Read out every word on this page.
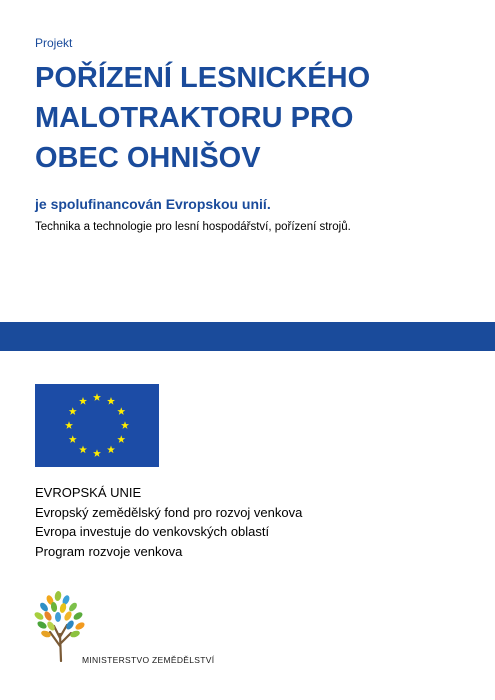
Projekt
POŘÍZENÍ LESNICKÉHO
MALOTRAKTORU PRO
OBEC OHNIŠOV
je spolufinancován Evropskou unií.
Technika a technologie pro lesní hospodářství, pořízení strojů.
EVROPSKÁ UNIE
Evropský zemědělský fond pro rozvoj venkova
Evropa investuje do venkovských oblastí
Program rozvoje venkova
MINISTERSTVO ZEMĚDĚLSTVÍ
